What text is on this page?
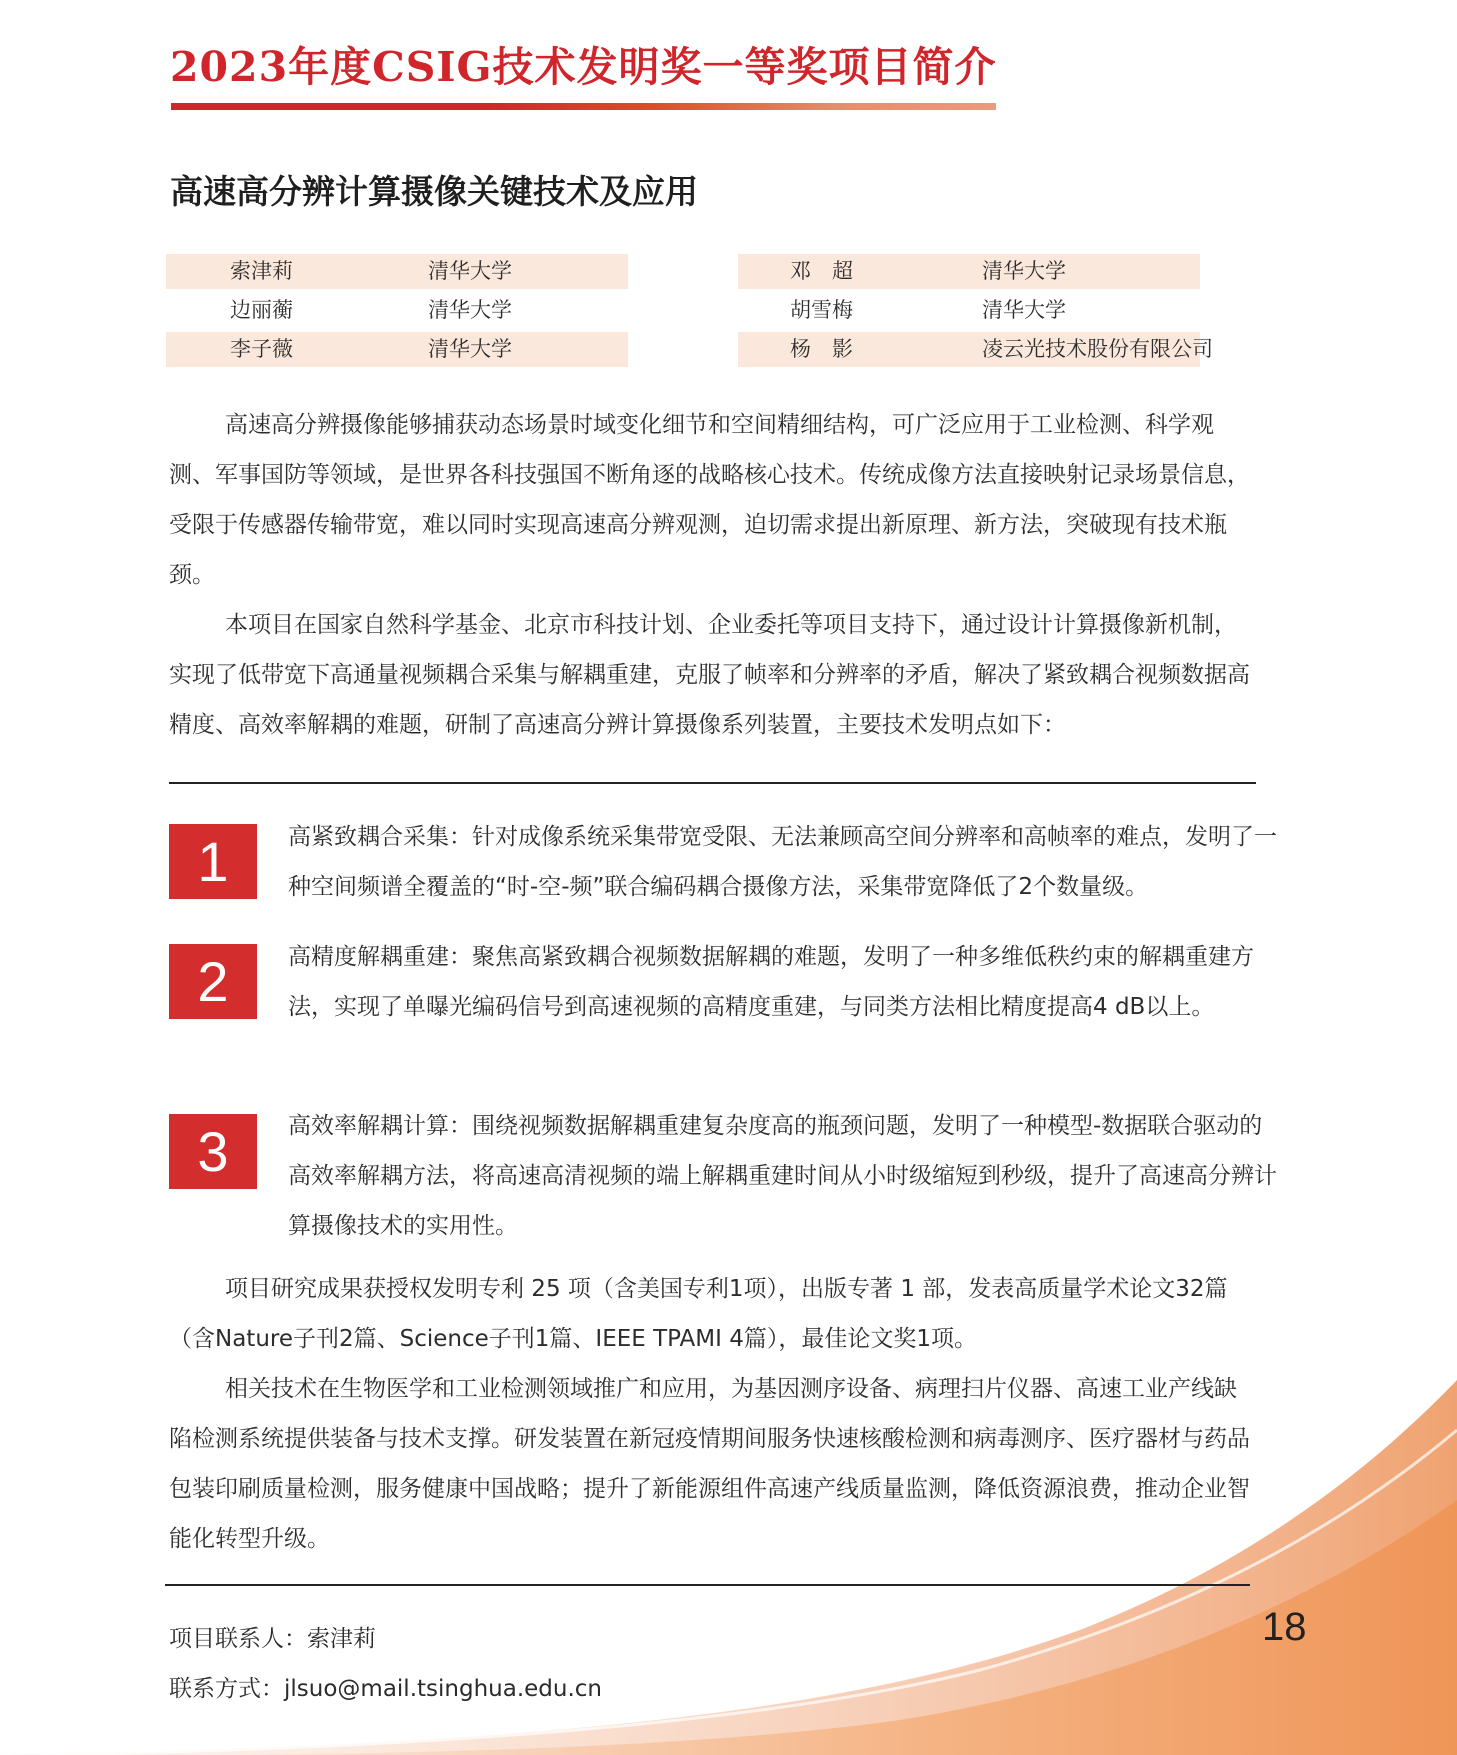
2023年度CSIG技术发明奖一等奖项目简介
高速高分辨计算摄像关键技术及应用
索津莉	清华大学
边丽蘅	清华大学
李子薇	清华大学
邓　超	清华大学
胡雪梅	清华大学
杨　影	凌云光技术股份有限公司
高速高分辨摄像能够捕获动态场景时域变化细节和空间精细结构，可广泛应用于工业检测、科学观测、军事国防等领域，是世界各科技强国不断角逐的战略核心技术。传统成像方法直接映射记录场景信息，受限于传感器传输带宽，难以同时实现高速高分辨观测，迫切需求提出新原理、新方法，突破现有技术瓶颈。
本项目在国家自然科学基金、北京市科技计划、企业委托等项目支持下，通过设计计算摄像新机制，实现了低带宽下高通量视频耦合采集与解耦重建，克服了帧率和分辨率的矛盾，解决了紧致耦合视频数据高精度、高效率解耦的难题，研制了高速高分辨计算摄像系列装置，主要技术发明点如下：
1	高紧致耦合采集：针对成像系统采集带宽受限、无法兼顾高空间分辨率和高帧率的难点，发明了一种空间频谱全覆盖的“时-空-频”联合编码耦合摄像方法，采集带宽降低了2个数量级。
2	高精度解耦重建：聚焦高紧致耦合视频数据解耦的难题，发明了一种多维低秩约束的解耦重建方法，实现了单曝光编码信号到高速视频的高精度重建，与同类方法相比精度提高4 dB以上。
3	高效率解耦计算：围绕视频数据解耦重建复杂度高的瓶颈问题，发明了一种模型-数据联合驱动的高效率解耦方法，将高速高清视频的端上解耦重建时间从小时级缩短到秒级，提升了高速高分辨计算摄像技术的实用性。
项目研究成果获授权发明专利 25 项（含美国专利1项），出版专著 1 部，发表高质量学术论文32篇（含Nature子刊2篇、Science子刊1篇、IEEE TPAMI 4篇），最佳论文奖1项。
相关技术在生物医学和工业检测领域推广和应用，为基因测序设备、病理扫片仪器、高速工业产线缺陷检测系统提供装备与技术支撑。研发装置在新冠疫情期间服务快速核酸检测和病毒测序、医疗器材与药品包装印刷质量检测，服务健康中国战略；提升了新能源组件高速产线质量监测，降低资源浪费，推动企业智能化转型升级。
项目联系人：索津莉
联系方式：jlsuo@mail.tsinghua.edu.cn
18
